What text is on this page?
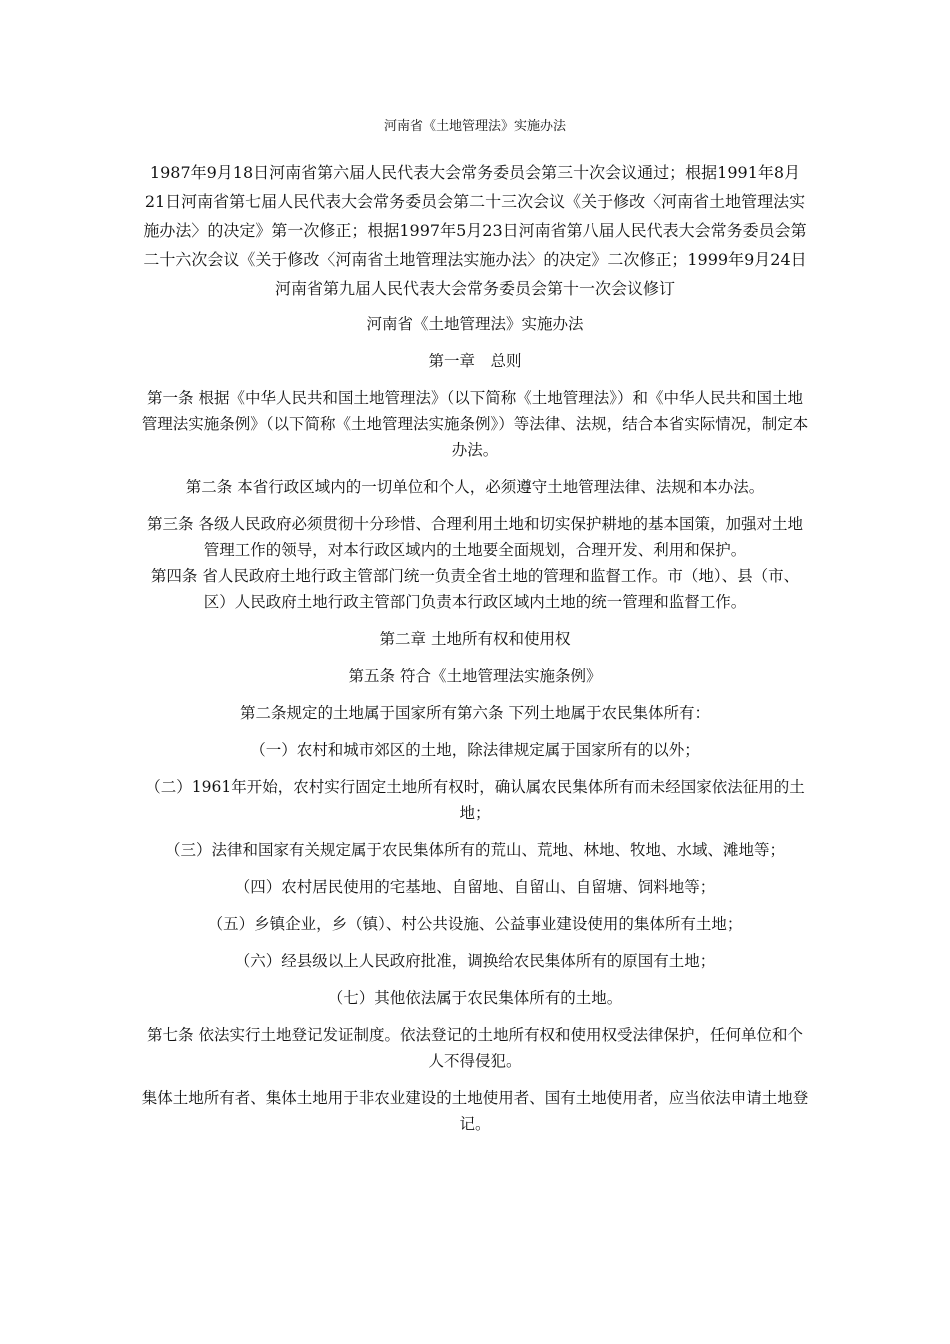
河南省《土地管理法》实施办法

1987年9月18日河南省第六届人民代表大会常务委员会第三十次会议通过；根据1991年8月21日河南省第七届人民代表大会常务委员会第二十三次会议《关于修改〈河南省土地管理法实施办法〉的决定》第一次修正；根据1997年5月23日河南省第八届人民代表大会常务委员会第二十六次会议《关于修改〈河南省土地管理法实施办法〉的决定》二次修正；1999年9月24日河南省第九届人民代表大会常务委员会第十一次会议修订

河南省《土地管理法》实施办法

第一章　总则

第一条 根据《中华人民共和国土地管理法》（以下简称《土地管理法》）和《中华人民共和国土地管理法实施条例》（以下简称《土地管理法实施条例》）等法律、法规，结合本省实际情况，制定本办法。

第二条 本省行政区域内的一切单位和个人，必须遵守土地管理法律、法规和本办法。

第三条 各级人民政府必须贯彻十分珍惜、合理利用土地和切实保护耕地的基本国策，加强对土地管理工作的领导，对本行政区域内的土地要全面规划，合理开发、利用和保护。

第四条 省人民政府土地行政主管部门统一负责全省土地的管理和监督工作。市（地）、县（市、区）人民政府土地行政主管部门负责本行政区域内土地的统一管理和监督工作。

第二章 土地所有权和使用权

第五条 符合《土地管理法实施条例》

第二条规定的土地属于国家所有第六条 下列土地属于农民集体所有：

（一）农村和城市郊区的土地，除法律规定属于国家所有的以外；

（二）1961年开始，农村实行固定土地所有权时，确认属农民集体所有而未经国家依法征用的土地；

（三）法律和国家有关规定属于农民集体所有的荒山、荒地、林地、牧地、水域、滩地等；

（四）农村居民使用的宅基地、自留地、自留山、自留塘、饲料地等；

（五）乡镇企业，乡（镇）、村公共设施、公益事业建设使用的集体所有土地；

（六）经县级以上人民政府批准，调换给农民集体所有的原国有土地；

（七）其他依法属于农民集体所有的土地。

第七条 依法实行土地登记发证制度。依法登记的土地所有权和使用权受法律保护，任何单位和个人不得侵犯。

集体土地所有者、集体土地用于非农业建设的土地使用者、国有土地使用者，应当依法申请土地登记。
